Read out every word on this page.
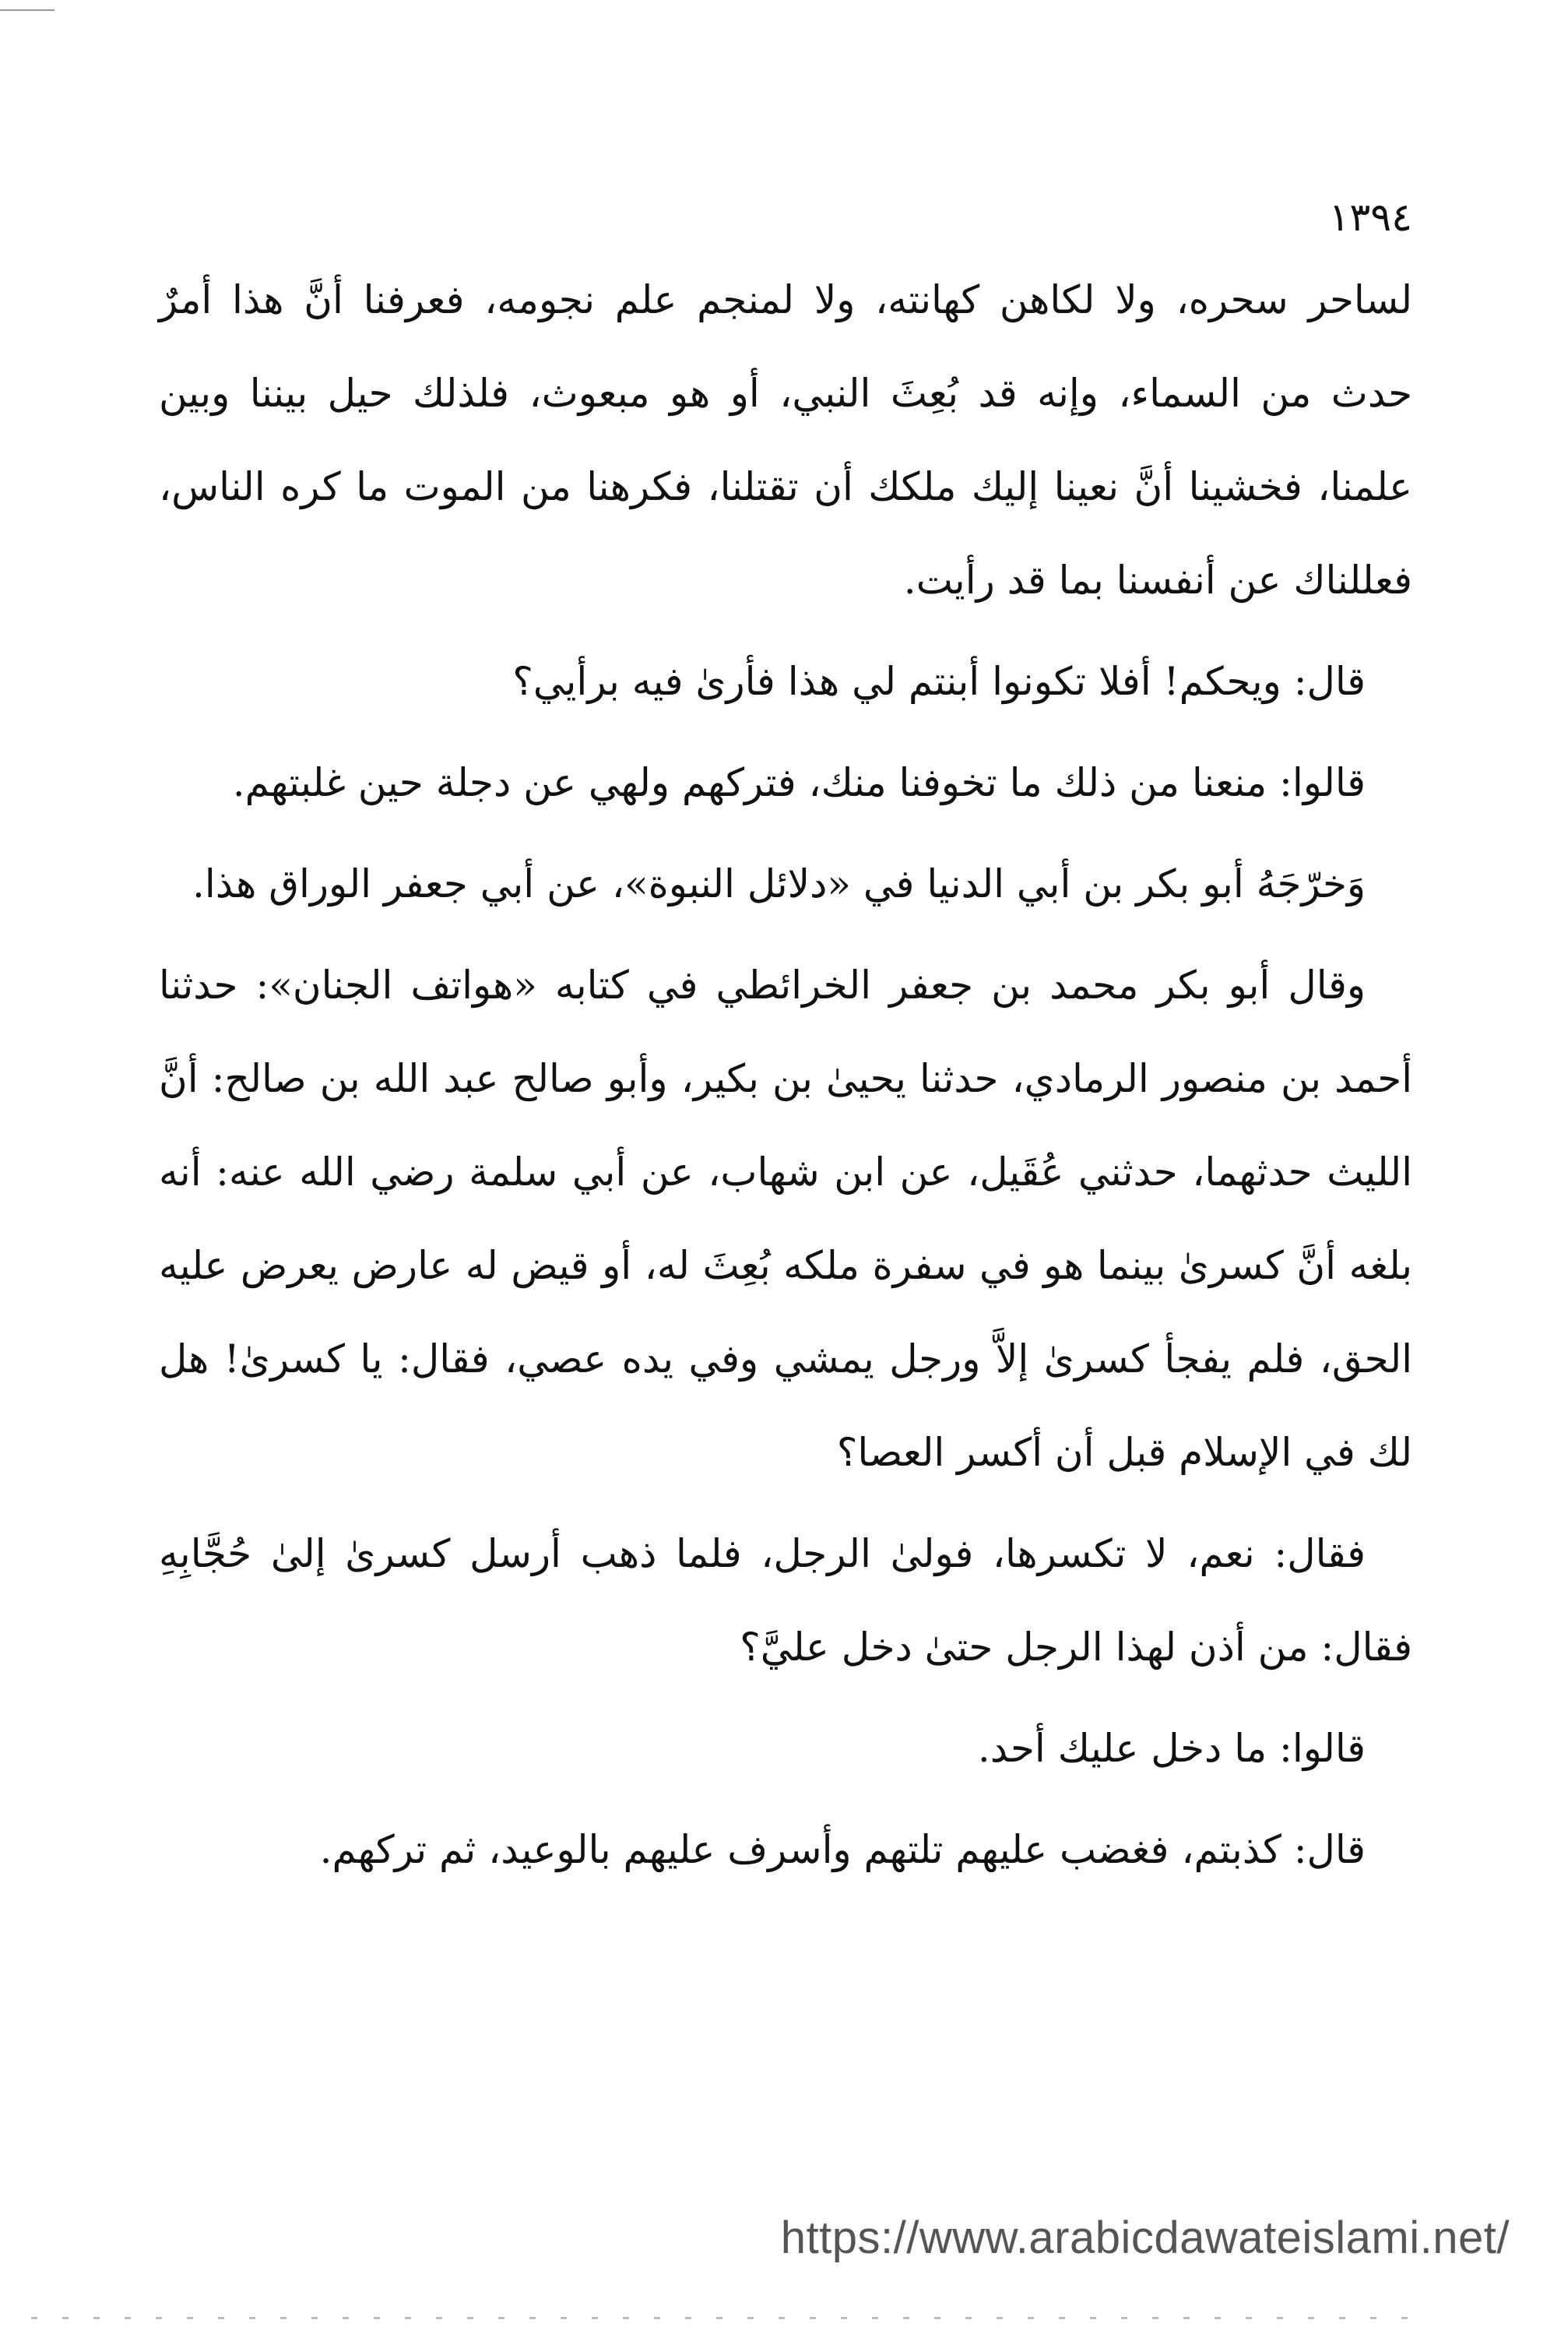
١٣٩٤

لساحر سحره، ولا لكاهن كهانته، ولا لمنجم علم نجومه، فعرفنا أنَّ هذا أمرٌ حدث من السماء، وإنه قد بُعِثَ النبي، أو هو مبعوث، فلذلك حيل بيننا وبين علمنا، فخشينا أنَّ نعينا إليك ملكك أن تقتلنا، فكرهنا من الموت ما كره الناس، فعللناك عن أنفسنا بما قد رأيت.

قال: ويحكم! أفلا تكونوا أبنتم لي هذا فأرىٰ فيه برأيي؟

قالوا: منعنا من ذلك ما تخوفنا منك، فتركهم ولهي عن دجلة حين غلبتهم.

وَخرّجَهُ أبو بكر بن أبي الدنيا في «دلائل النبوة»، عن أبي جعفر الوراق هذا.

وقال أبو بكر محمد بن جعفر الخرائطي في كتابه «هواتف الجنان»: حدثنا أحمد بن منصور الرمادي، حدثنا يحيىٰ بن بكير، وأبو صالح عبد الله بن صالح: أنَّ الليث حدثهما، حدثني عُقَيل، عن ابن شهاب، عن أبي سلمة رضي الله عنه: أنه بلغه أنَّ كسرىٰ بينما هو في سفرة ملكه بُعِثَ له، أو قيض له عارض يعرض عليه الحق، فلم يفجأ كسرىٰ إلاَّ ورجل يمشي وفي يده عصي، فقال: يا كسرىٰ! هل لك في الإسلام قبل أن أكسر العصا؟

فقال: نعم، لا تكسرها، فولىٰ الرجل، فلما ذهب أرسل كسرىٰ إلىٰ حُجَّابِهِ فقال: من أذن لهذا الرجل حتىٰ دخل عليَّ؟

قالوا: ما دخل عليك أحد.

قال: كذبتم، فغضب عليهم تلتهم وأسرف عليهم بالوعيد، ثم تركهم.

https://www.arabicdawateislami.net/
